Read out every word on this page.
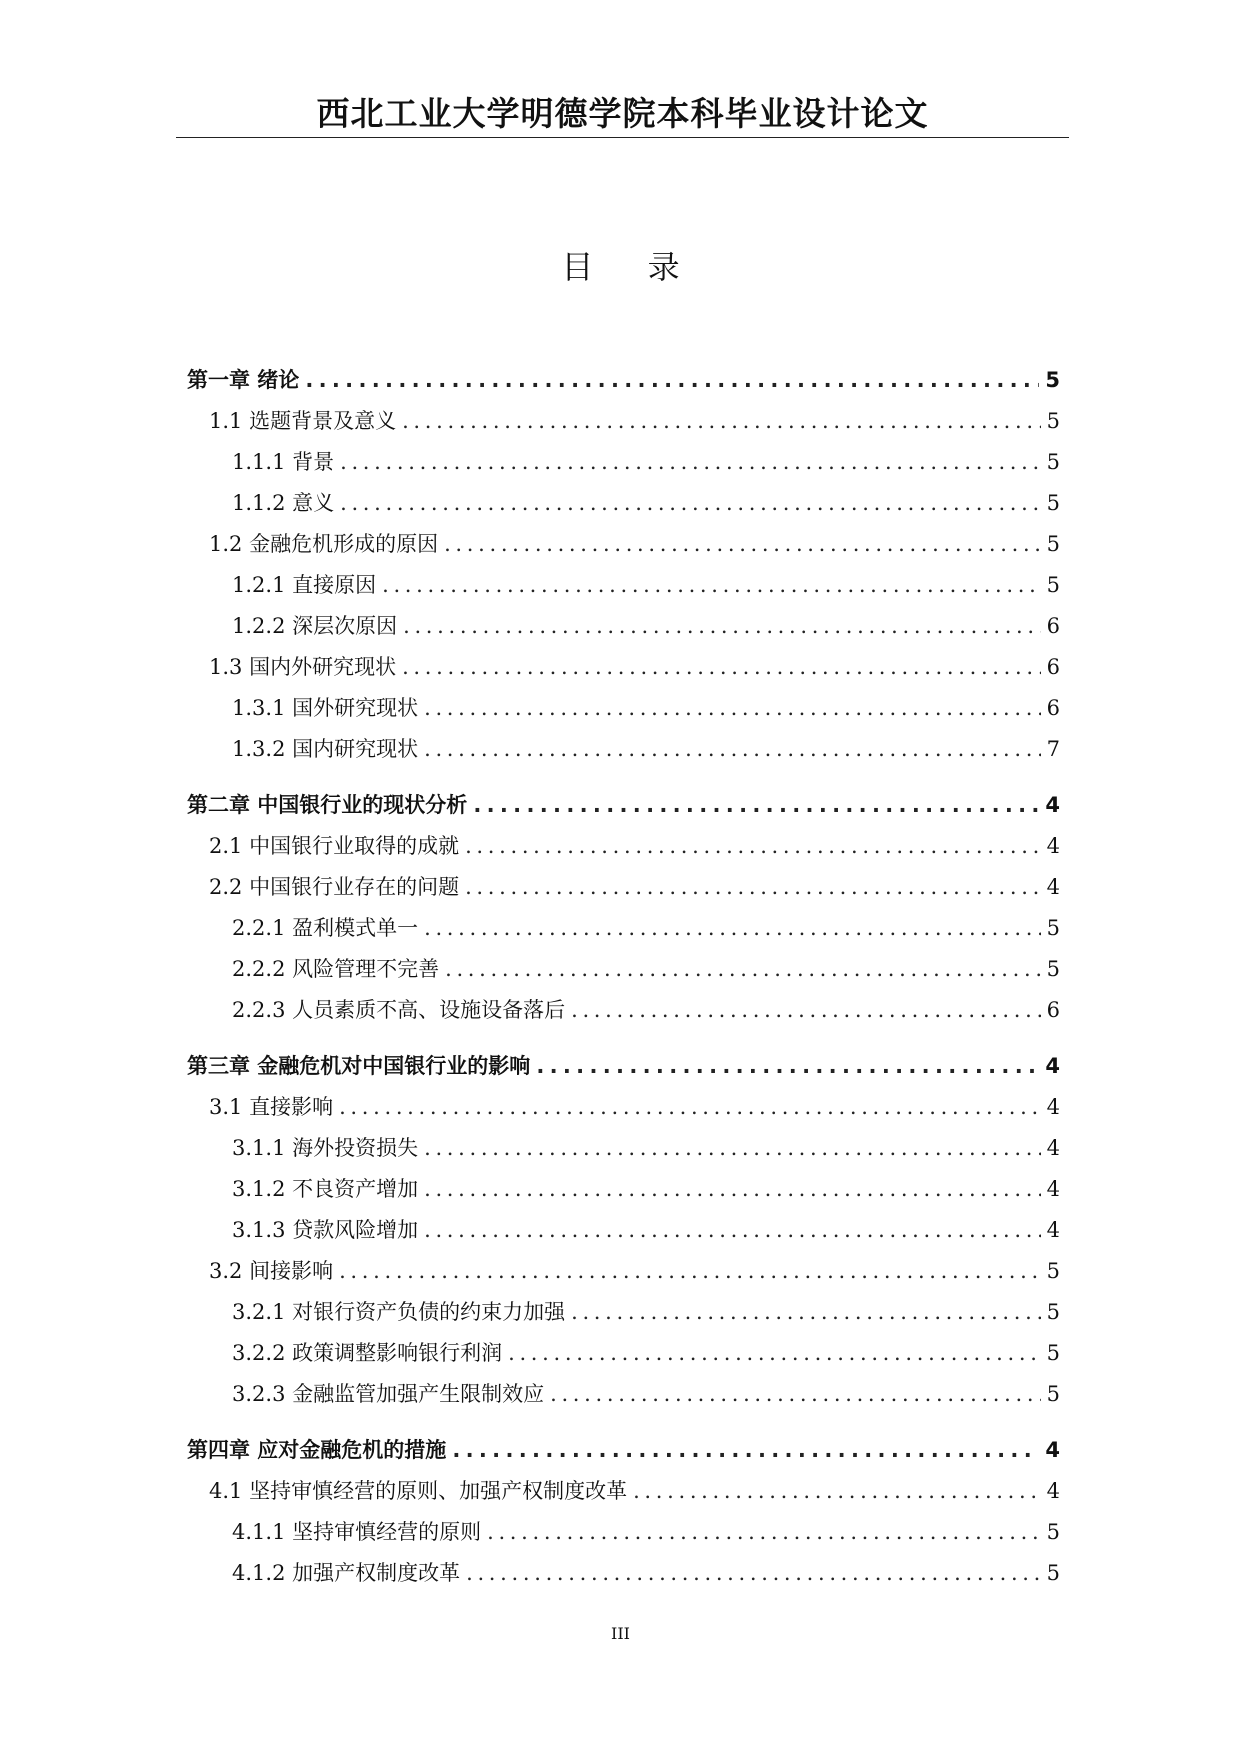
西北工业大学明德学院本科毕业设计论文
目 录
第一章 绪论 . . .	5
1.1 选题背景及意义 . . .	5
1.1.1 背景 . . .	5
1.1.2 意义 . . .	5
1.2 金融危机形成的原因 . . .	5
1.2.1 直接原因 . . .	5
1.2.2 深层次原因 . . .	6
1.3 国内外研究现状 . . .	6
1.3.1 国外研究现状 . . .	6
1.3.2 国内研究现状 . . .	7
第二章 中国银行业的现状分析 . . .	4
2.1 中国银行业取得的成就 . . .	4
2.2 中国银行业存在的问题 . . .	4
2.2.1 盈利模式单一 . . .	5
2.2.2 风险管理不完善 . . .	5
2.2.3 人员素质不高、设施设备落后 . . .	6
第三章 金融危机对中国银行业的影响 . . .	4
3.1 直接影响 . . .	4
3.1.1 海外投资损失 . . .	4
3.1.2 不良资产增加 . . .	4
3.1.3 贷款风险增加 . . .	4
3.2 间接影响 . . .	5
3.2.1 对银行资产负债的约束力加强 . . .	5
3.2.2 政策调整影响银行利润 . . .	5
3.2.3 金融监管加强产生限制效应 . . .	5
第四章 应对金融危机的措施 . . .	4
4.1 坚持审慎经营的原则、加强产权制度改革 . . .	4
4.1.1 坚持审慎经营的原则 . . .	5
4.1.2 加强产权制度改革 . . .	5
III
